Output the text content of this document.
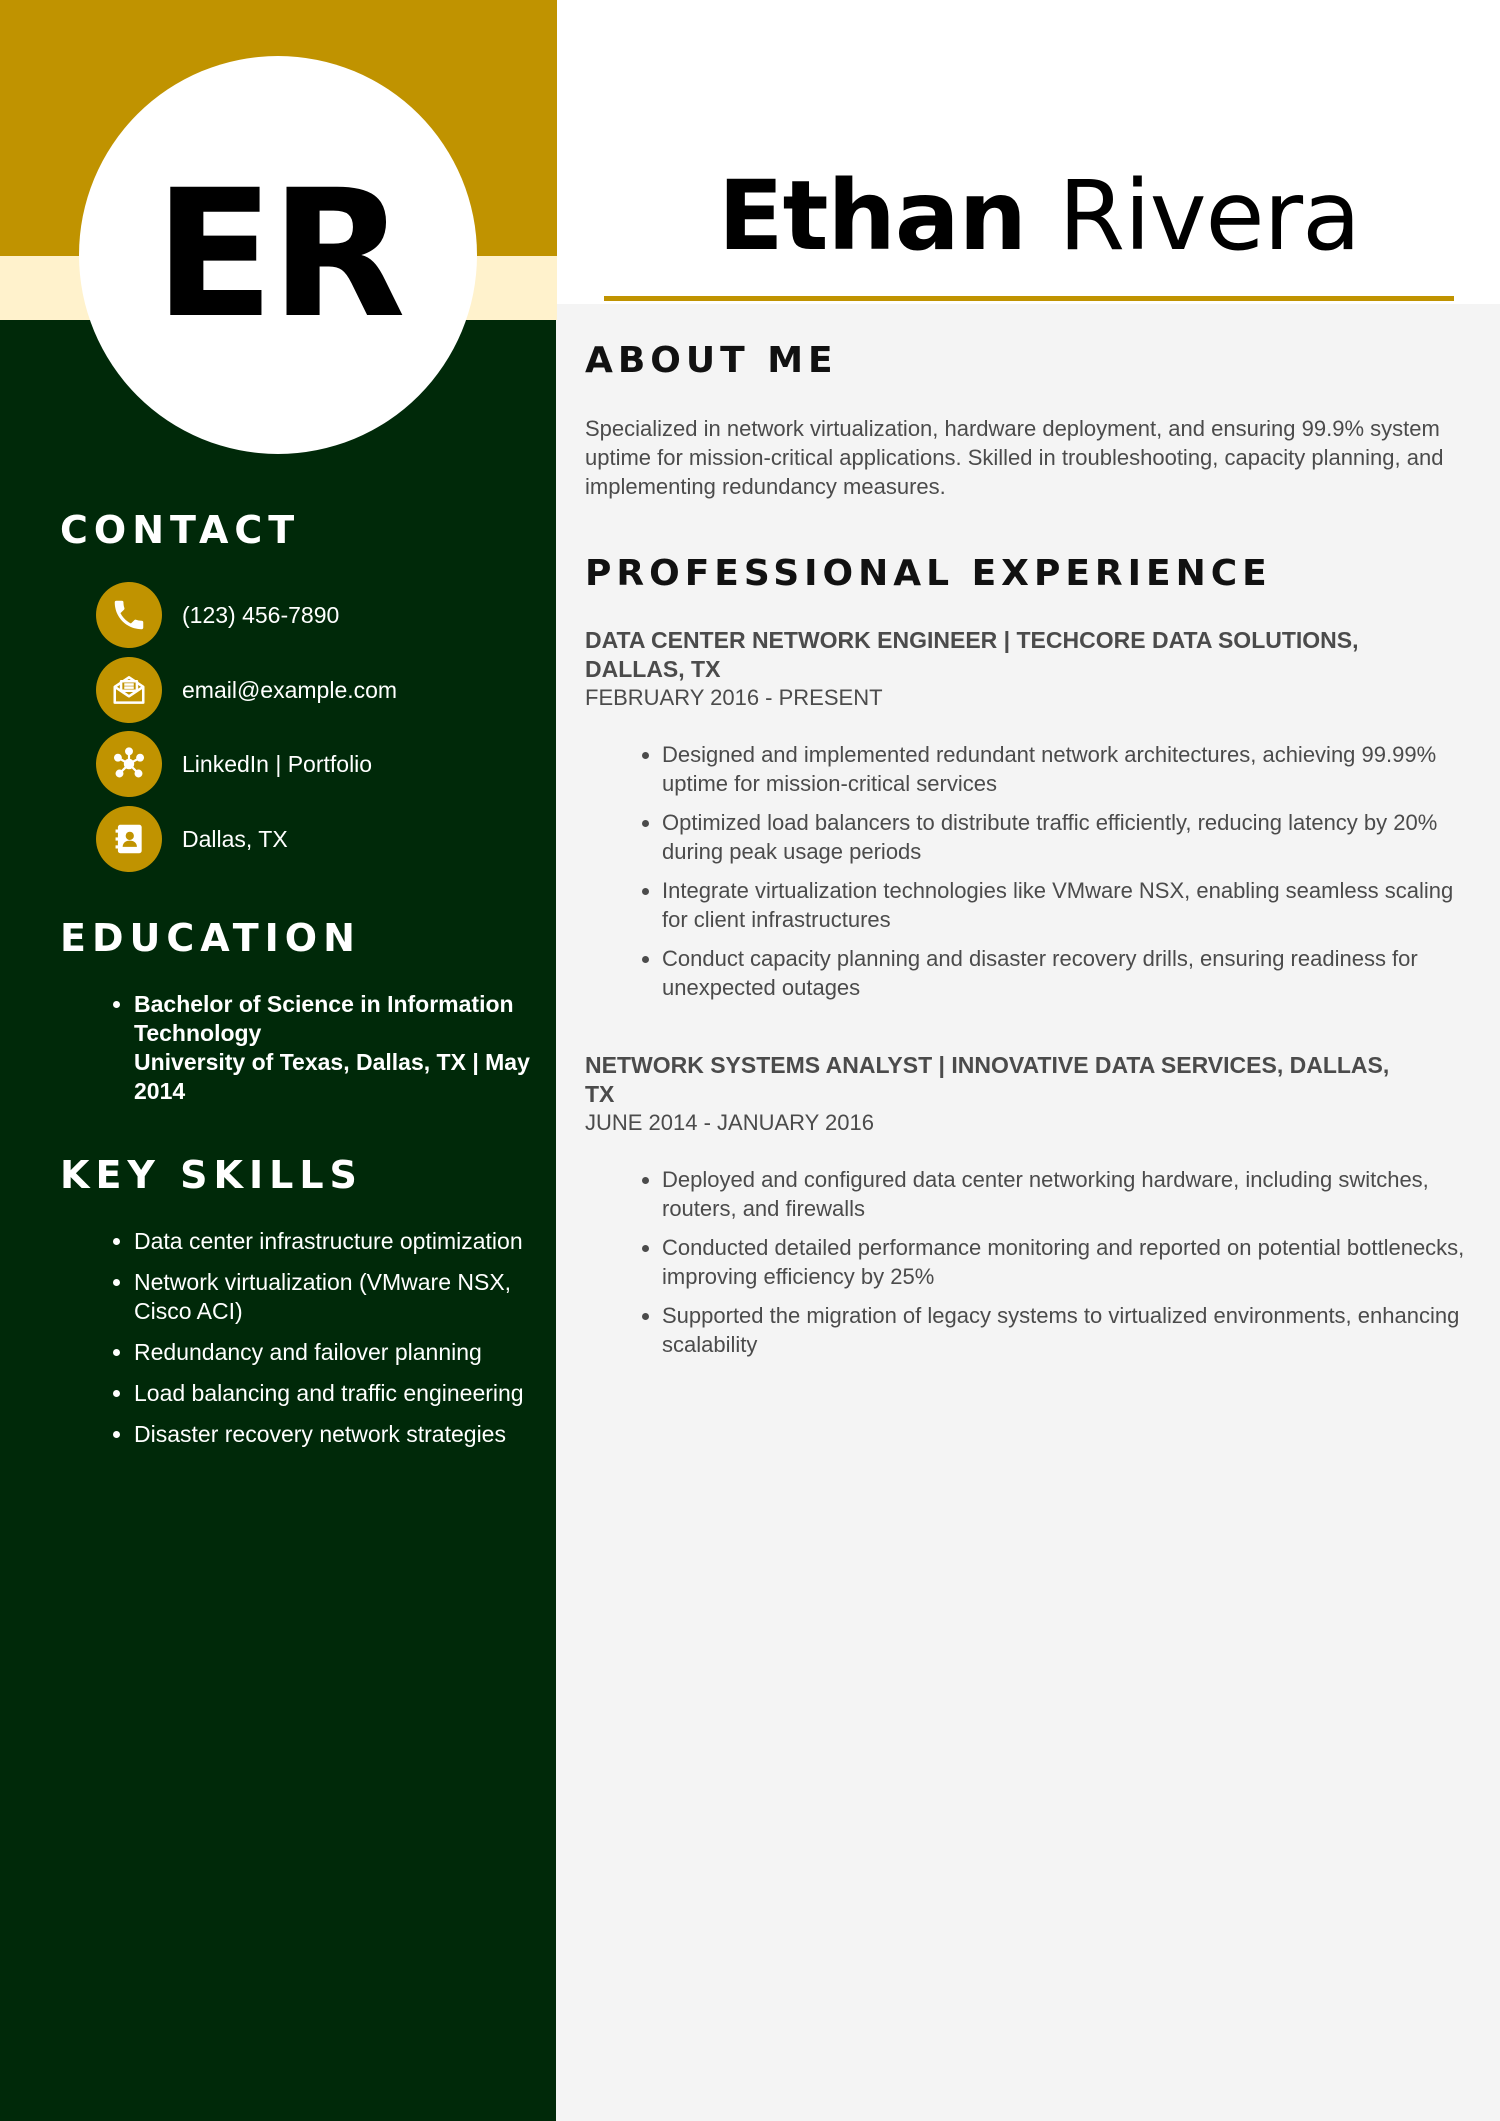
ER
CONTACT
(123) 456-7890
email@example.com
LinkedIn | Portfolio
Dallas, TX
EDUCATION
• Bachelor of Science in Information Technology
University of Texas, Dallas, TX | May 2014
KEY SKILLS
• Data center infrastructure optimization
• Network virtualization (VMware NSX, Cisco ACI)
• Redundancy and failover planning
• Load balancing and traffic engineering
• Disaster recovery network strategies
Ethan Rivera
ABOUT ME

Specialized in network virtualization, hardware deployment, and ensuring 99.9% system uptime for mission-critical applications. Skilled in troubleshooting, capacity planning, and implementing redundancy measures.

PROFESSIONAL EXPERIENCE

DATA CENTER NETWORK ENGINEER | TECHCORE DATA SOLUTIONS, DALLAS, TX

FEBRUARY 2016 - PRESENT

• Designed and implemented redundant network architectures, achieving 99.99% uptime for mission-critical services
• Optimized load balancers to distribute traffic efficiently, reducing latency by 20% during peak usage periods
• Integrate virtualization technologies like VMware NSX, enabling seamless scaling for client infrastructures
• Conduct capacity planning and disaster recovery drills, ensuring readiness for unexpected outages

NETWORK SYSTEMS ANALYST | INNOVATIVE DATA SERVICES, DALLAS, TX

JUNE 2014 - JANUARY 2016

• Deployed and configured data center networking hardware, including switches, routers, and firewalls
• Conducted detailed performance monitoring and reported on potential bottlenecks, improving efficiency by 25%
• Supported the migration of legacy systems to virtualized environments, enhancing scalability
